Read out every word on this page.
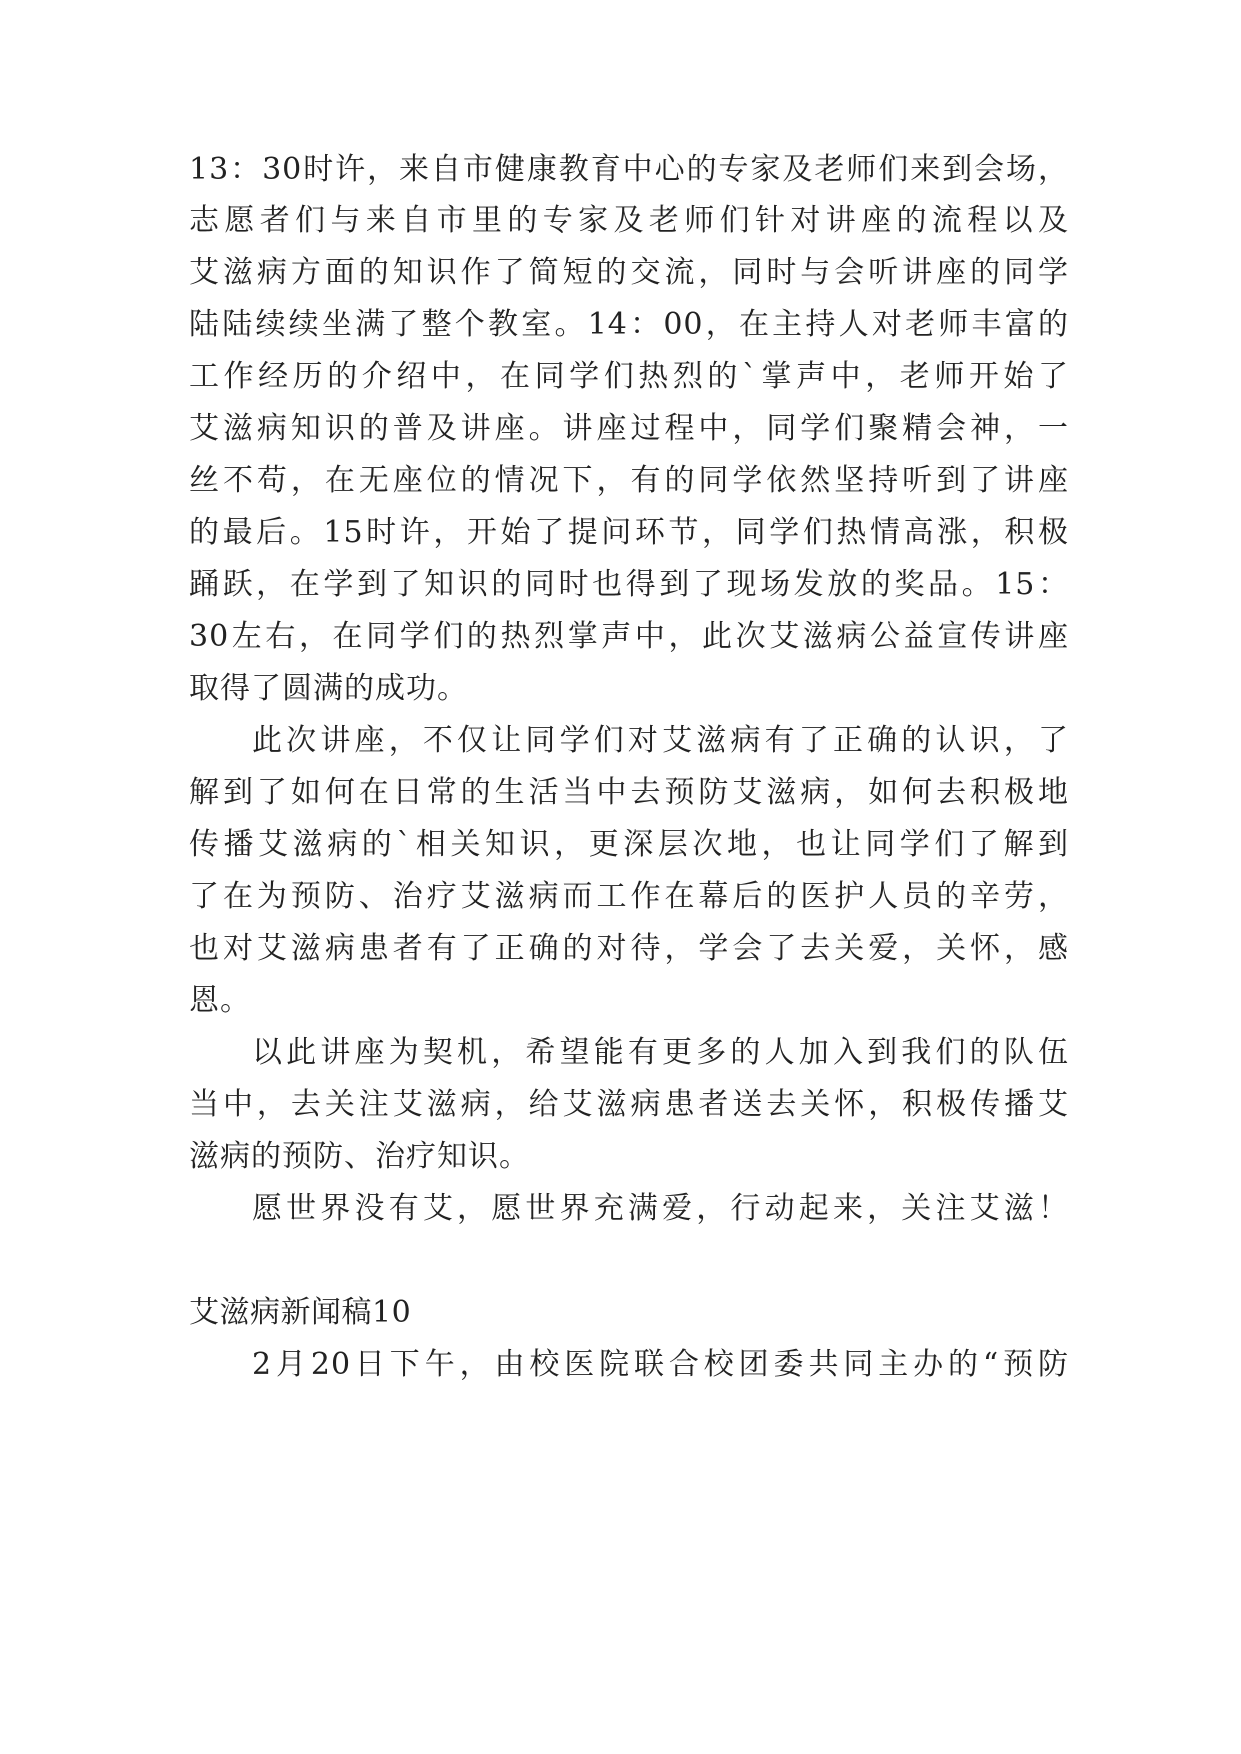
13：30时许，来自市健康教育中心的专家及老师们来到会场，
志愿者们与来自市里的专家及老师们针对讲座的流程以及
艾滋病方面的知识作了简短的交流，同时与会听讲座的同学
陆陆续续坐满了整个教室。14：00，在主持人对老师丰富的
工作经历的介绍中，在同学们热烈的`掌声中，老师开始了
艾滋病知识的普及讲座。讲座过程中，同学们聚精会神，一
丝不苟，在无座位的情况下，有的同学依然坚持听到了讲座
的最后。15时许，开始了提问环节，同学们热情高涨，积极
踊跃，在学到了知识的同时也得到了现场发放的奖品。15：
30左右，在同学们的热烈掌声中，此次艾滋病公益宣传讲座
取得了圆满的成功。
此次讲座，不仅让同学们对艾滋病有了正确的认识，了
解到了如何在日常的生活当中去预防艾滋病，如何去积极地
传播艾滋病的`相关知识，更深层次地，也让同学们了解到
了在为预防、治疗艾滋病而工作在幕后的医护人员的辛劳，
也对艾滋病患者有了正确的对待，学会了去关爱，关怀，感
恩。
以此讲座为契机，希望能有更多的人加入到我们的队伍
当中，去关注艾滋病，给艾滋病患者送去关怀，积极传播艾
滋病的预防、治疗知识。
愿世界没有艾，愿世界充满爱，行动起来，关注艾滋！
艾滋病新闻稿10
2月20日下午，由校医院联合校团委共同主办的“预防
